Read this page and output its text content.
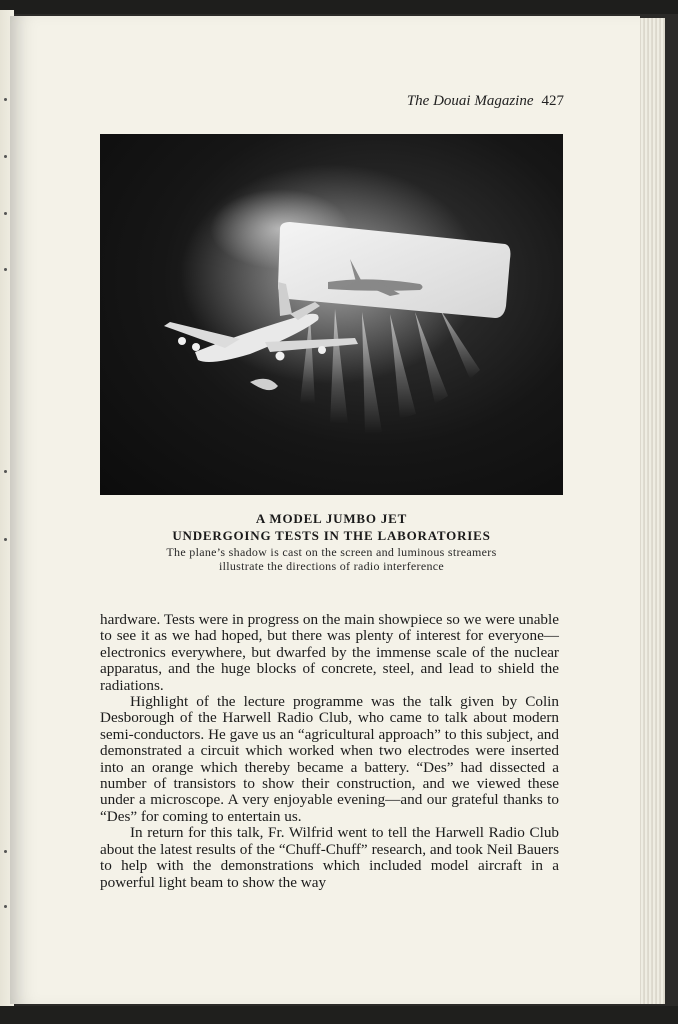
The Douai Magazine 427
A MODEL JUMBO JET
UNDERGOING TESTS IN THE LABORATORIES
The plane’s shadow is cast on the screen and luminous streamers
illustrate the directions of radio interference

hardware. Tests were in progress on the main showpiece so we were unable to see it as we had hoped, but there was plenty of interest for everyone—electronics everywhere, but dwarfed by the immense scale of the nuclear apparatus, and the huge blocks of concrete, steel, and lead to shield the radiations.

Highlight of the lecture programme was the talk given by Colin Desborough of the Harwell Radio Club, who came to talk about modern semi-conductors. He gave us an “agricultural approach” to this subject, and demonstrated a circuit which worked when two electrodes were inserted into an orange which thereby became a battery. “Des” had dissected a number of transistors to show their construction, and we viewed these under a microscope. A very enjoyable evening—and our grateful thanks to “Des” for coming to entertain us.

In return for this talk, Fr. Wilfrid went to tell the Harwell Radio Club about the latest results of the “Chuff-Chuff” research, and took Neil Bauers to help with the demonstrations which included model aircraft in a powerful light beam to show the way
